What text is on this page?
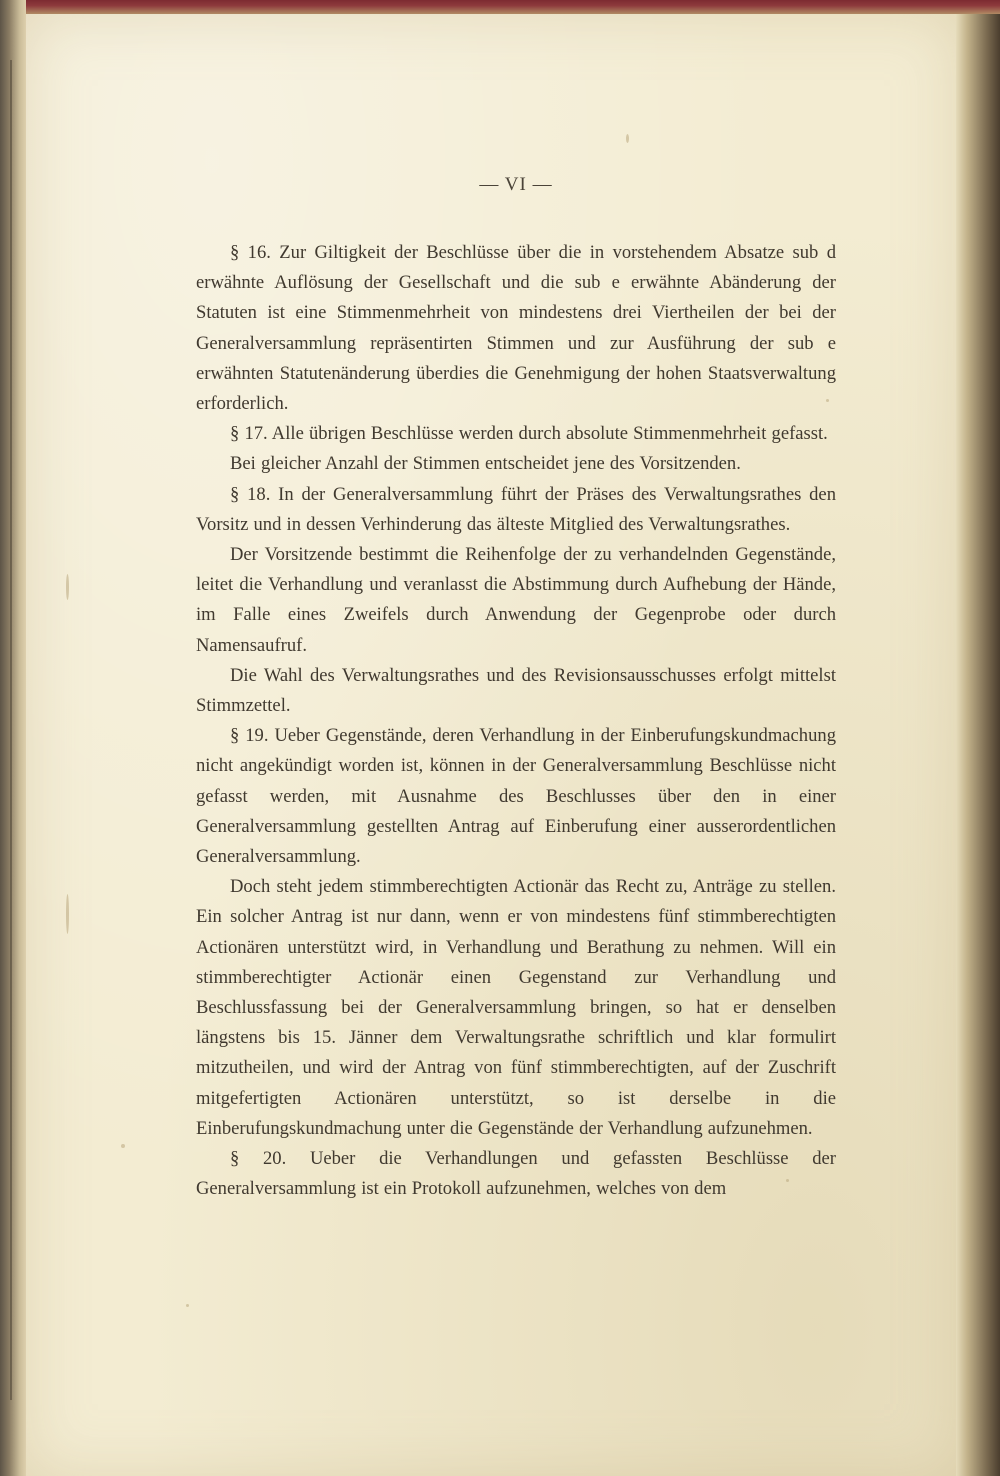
— VI —

§ 16. Zur Giltigkeit der Beschlüsse über die in vorstehendem Absatze sub d erwähnte Auflösung der Gesellschaft und die sub e erwähnte Abänderung der Statuten ist eine Stimmenmehrheit von mindestens drei Viertheilen der bei der Generalversammlung repräsentirten Stimmen und zur Ausführung der sub e erwähnten Statutenänderung überdies die Genehmigung der hohen Staatsverwaltung erforderlich.

§ 17. Alle übrigen Beschlüsse werden durch absolute Stimmenmehrheit gefasst.

Bei gleicher Anzahl der Stimmen entscheidet jene des Vorsitzenden.

§ 18. In der Generalversammlung führt der Präses des Verwaltungsrathes den Vorsitz und in dessen Verhinderung das älteste Mitglied des Verwaltungsrathes.

Der Vorsitzende bestimmt die Reihenfolge der zu verhandelnden Gegenstände, leitet die Verhandlung und veranlasst die Abstimmung durch Aufhebung der Hände, im Falle eines Zweifels durch Anwendung der Gegenprobe oder durch Namensaufruf.

Die Wahl des Verwaltungsrathes und des Revisionsausschusses erfolgt mittelst Stimmzettel.

§ 19. Ueber Gegenstände, deren Verhandlung in der Einberufungskundmachung nicht angekündigt worden ist, können in der Generalversammlung Beschlüsse nicht gefasst werden, mit Ausnahme des Beschlusses über den in einer Generalversammlung gestellten Antrag auf Einberufung einer ausserordentlichen Generalversammlung.

Doch steht jedem stimmberechtigten Actionär das Recht zu, Anträge zu stellen. Ein solcher Antrag ist nur dann, wenn er von mindestens fünf stimmberechtigten Actionären unterstützt wird, in Verhandlung und Berathung zu nehmen. Will ein stimmberechtigter Actionär einen Gegenstand zur Verhandlung und Beschlussfassung bei der Generalversammlung bringen, so hat er denselben längstens bis 15. Jänner dem Verwaltungsrathe schriftlich und klar formulirt mitzutheilen, und wird der Antrag von fünf stimmberechtigten, auf der Zuschrift mitgefertigten Actionären unterstützt, so ist derselbe in die Einberufungskundmachung unter die Gegenstände der Verhandlung aufzunehmen.

§ 20. Ueber die Verhandlungen und gefassten Beschlüsse der Generalversammlung ist ein Protokoll aufzunehmen, welches von dem
